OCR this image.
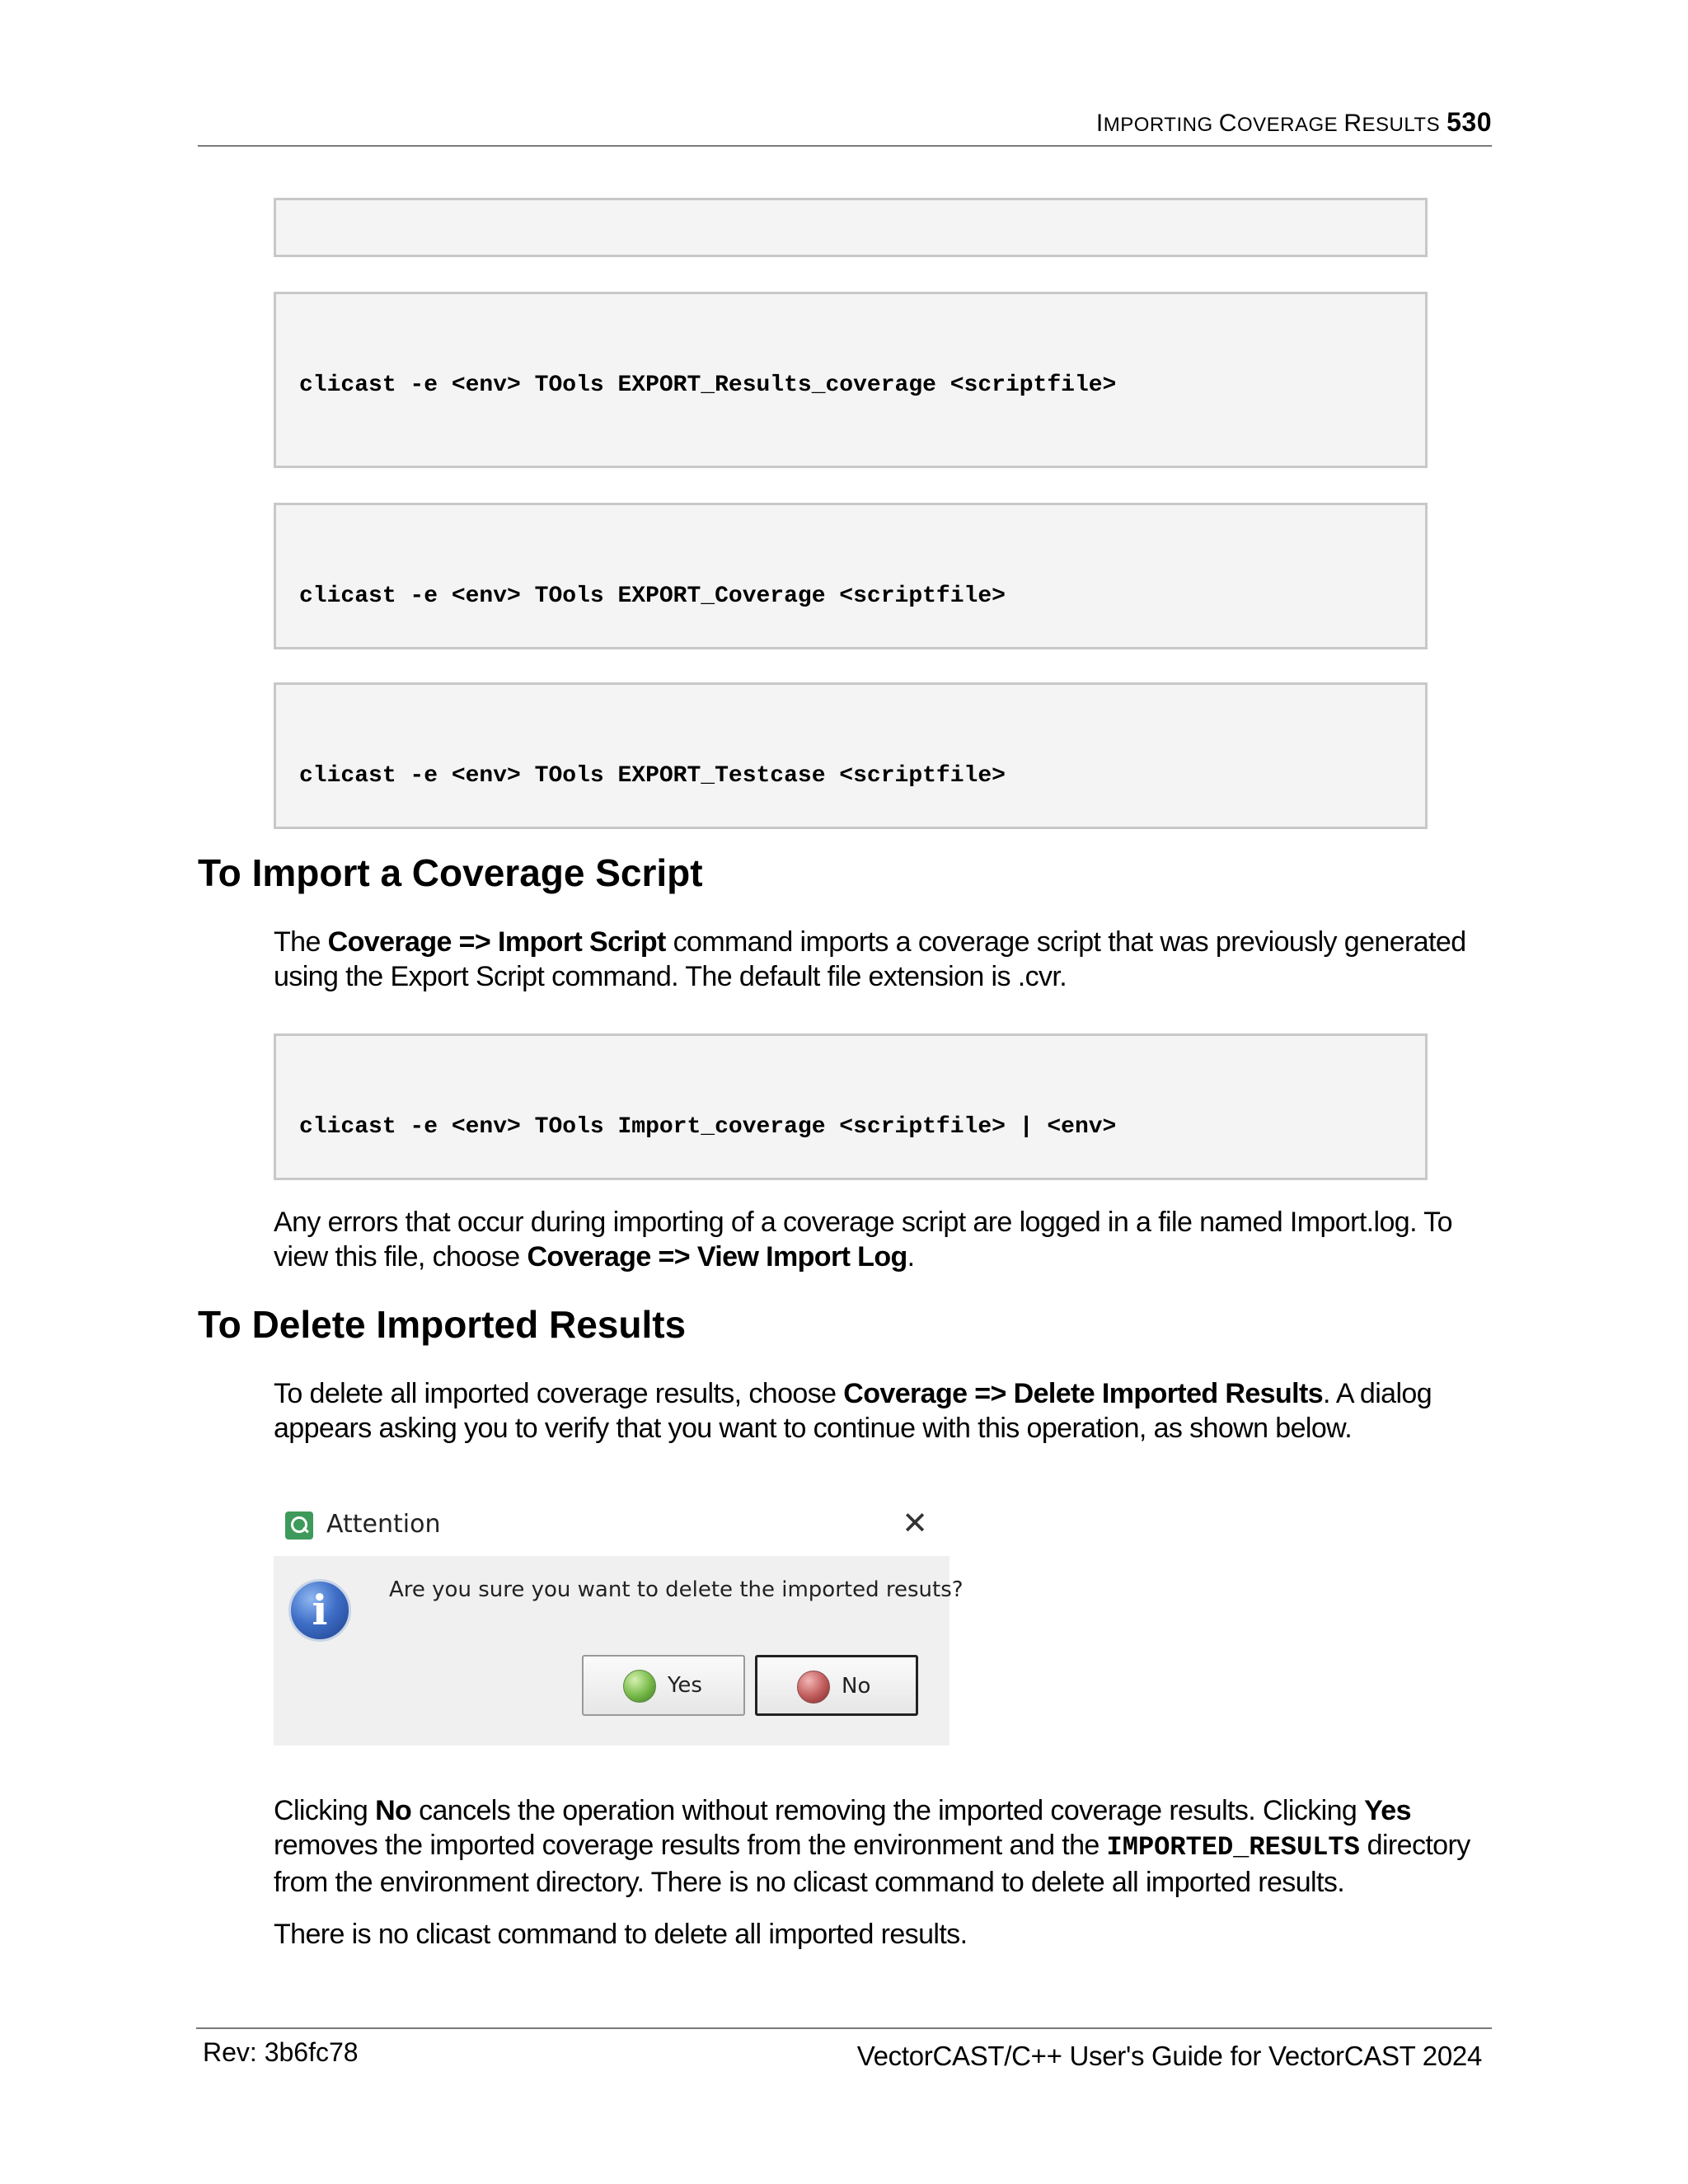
IMPORTING COVERAGE RESULTS 530

clicast -e <env> TOols EXPORT_Results_coverage <scriptfile>

clicast -e <env> TOols EXPORT_Coverage <scriptfile>

clicast -e <env> TOols EXPORT_Testcase <scriptfile>

To Import a Coverage Script
The Coverage => Import Script command imports a coverage script that was previously generated using the Export Script command. The default file extension is .cvr.

clicast -e <env> TOols Import_coverage <scriptfile> | <env>

Any errors that occur during importing of a coverage script are logged in a file named Import.log. To view this file, choose Coverage => View Import Log.
To Delete Imported Results
To delete all imported coverage results, choose Coverage => Delete Imported Results. A dialog appears asking you to verify that you want to continue with this operation, as shown below.
Attention	✕
i	Are you sure you want to delete the imported resuts?
Yes	No
Clicking No cancels the operation without removing the imported coverage results. Clicking Yes removes the imported coverage results from the environment and the IMPORTED_RESULTS directory from the environment directory. There is no clicast command to delete all imported results.
There is no clicast command to delete all imported results.
Rev: 3b6fc78	VectorCAST/C++ User's Guide for VectorCAST 2024
